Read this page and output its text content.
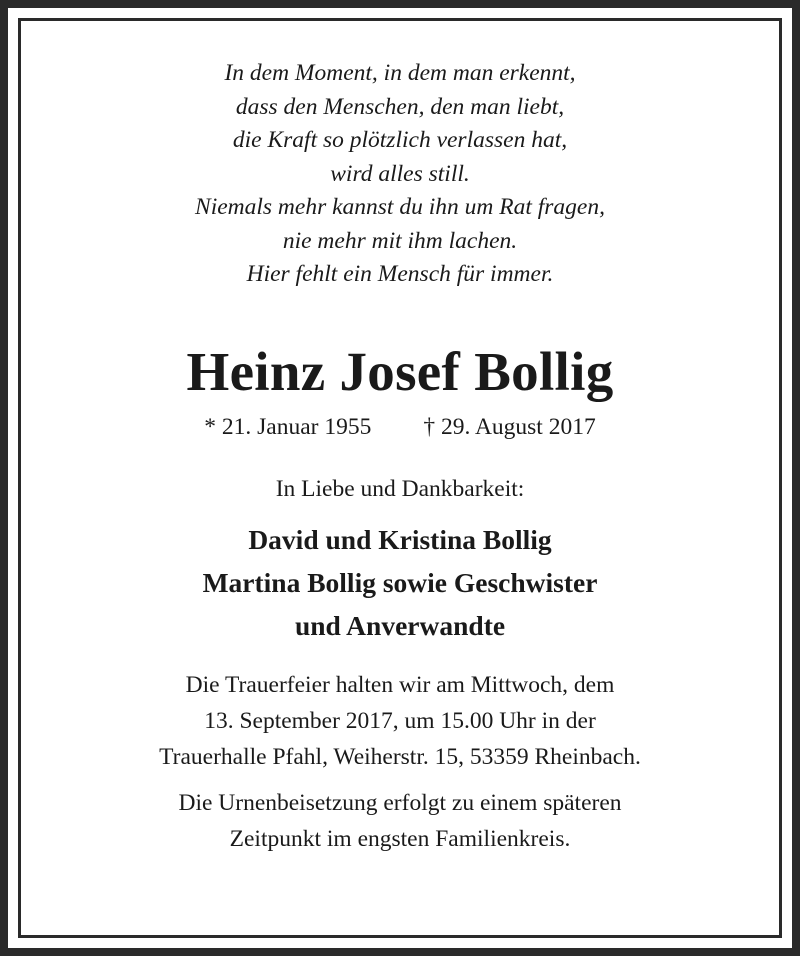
In dem Moment, in dem man erkennt,
dass den Menschen, den man liebt,
die Kraft so plötzlich verlassen hat,
wird alles still.
Niemals mehr kannst du ihn um Rat fragen,
nie mehr mit ihm lachen.
Hier fehlt ein Mensch für immer.
Heinz Josef Bollig
* 21. Januar 1955 † 29. August 2017
In Liebe und Dankbarkeit:
David und Kristina Bollig
Martina Bollig sowie Geschwister
und Anverwandte
Die Trauerfeier halten wir am Mittwoch, dem
13. September 2017, um 15.00 Uhr in der
Trauerhalle Pfahl, Weiherstr. 15, 53359 Rheinbach.
Die Urnenbeisetzung erfolgt zu einem späteren
Zeitpunkt im engsten Familienkreis.
